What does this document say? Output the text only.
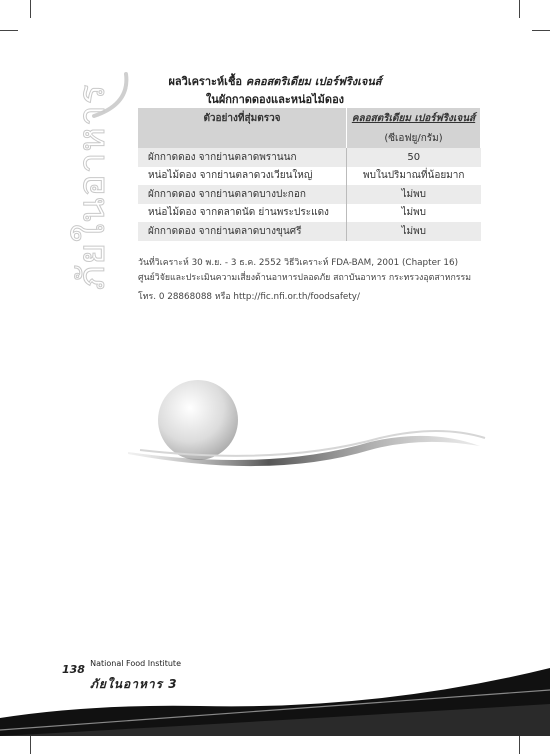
ภัยในอาหาร
ผลวิเคราะห์เชื้อ คลอสตริเดียม เปอร์ฟริงเจนส์
ในผักกาดดองและหน่อไม้ดอง
ตัวอย่างที่สุ่มตรวจ	คลอสตริเดียม เปอร์ฟริงเจนส์
	(ซีเอฟยู/กรัม)
ผักกาดดอง จากย่านตลาดพรานนก	50
หน่อไม้ดอง จากย่านตลาดวงเวียนใหญ่	พบในปริมาณที่น้อยมาก
ผักกาดดอง จากย่านตลาดบางปะกอก	ไม่พบ
หน่อไม้ดอง จากตลาดนัด ย่านพระประแดง	ไม่พบ
ผักกาดดอง จากย่านตลาดบางขุนศรี	ไม่พบ
วันที่วิเคราะห์ 30 พ.ย. - 3 ธ.ค. 2552 วิธีวิเคราะห์ FDA-BAM, 2001 (Chapter 16)
ศูนย์วิจัยและประเมินความเสี่ยงด้านอาหารปลอดภัย สถาบันอาหาร กระทรวงอุตสาหกรรม
โทร. 0 28868088 หรือ http://fic.nfi.or.th/foodsafety/
138 $^{National Food Institute}$
ภัยในอาหาร 3
